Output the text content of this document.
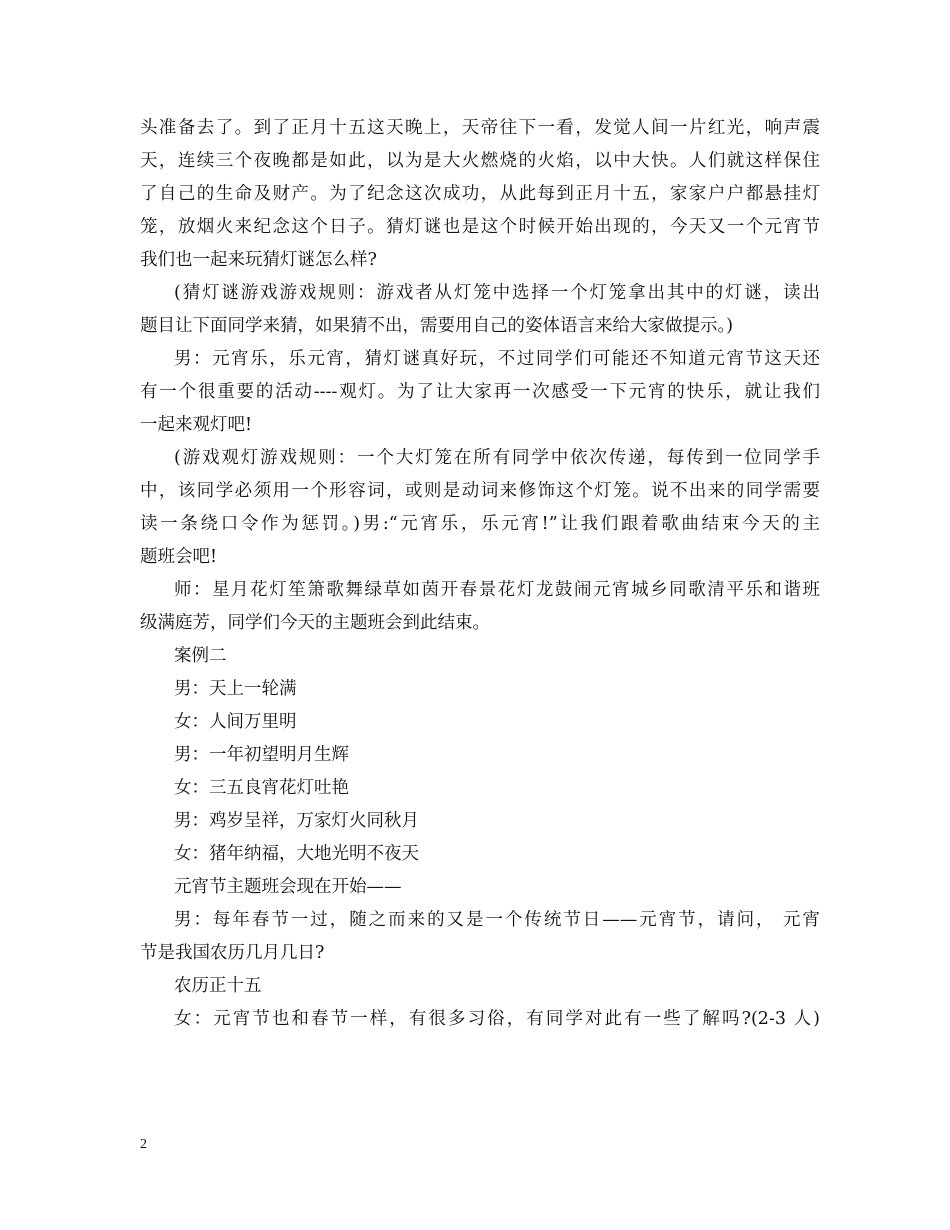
头准备去了。到了正月十五这天晚上，天帝往下一看，发觉人间一片红光，响声震
天，连续三个夜晚都是如此，以为是大火燃烧的火焰，以中大快。人们就这样保住
了自己的生命及财产。为了纪念这次成功，从此每到正月十五，家家户户都悬挂灯
笼，放烟火来纪念这个日子。猜灯谜也是这个时候开始出现的，今天又一个元宵节
我们也一起来玩猜灯谜怎么样?
(猜灯谜游戏游戏规则：游戏者从灯笼中选择一个灯笼拿出其中的灯谜，读出
题目让下面同学来猜，如果猜不出，需要用自己的姿体语言来给大家做提示。)
男：元宵乐，乐元宵，猜灯谜真好玩，不过同学们可能还不知道元宵节这天还
有一个很重要的活动----观灯。为了让大家再一次感受一下元宵的快乐，就让我们
一起来观灯吧!
(游戏观灯游戏规则：一个大灯笼在所有同学中依次传递，每传到一位同学手
中，该同学必须用一个形容词，或则是动词来修饰这个灯笼。说不出来的同学需要
读一条绕口令作为惩罚。)男:“元宵乐，乐元宵!”让我们跟着歌曲结束今天的主
题班会吧!
师：星月花灯笙箫歌舞绿草如茵开春景花灯龙鼓闹元宵城乡同歌清平乐和谐班
级满庭芳，同学们今天的主题班会到此结束。
案例二
男：天上一轮满
女：人间万里明
男：一年初望明月生辉
女：三五良宵花灯吐艳
男：鸡岁呈祥，万家灯火同秋月
女：猪年纳福，大地光明不夜天
元宵节主题班会现在开始——
男：每年春节一过，随之而来的又是一个传统节日——元宵节，请问， 元宵
节是我国农历几月几日?
农历正十五
女：元宵节也和春节一样，有很多习俗，有同学对此有一些了解吗?(2-3 人)
2
